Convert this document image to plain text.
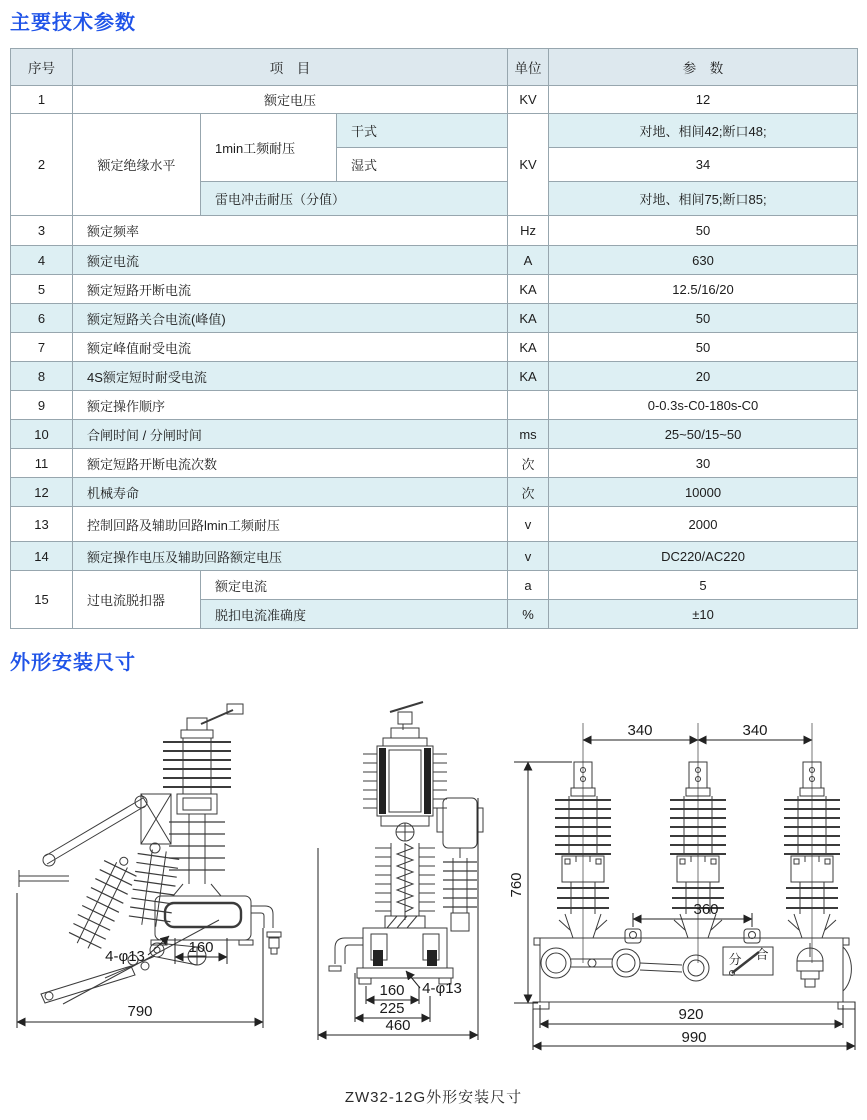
主要技术参数
序号	项　目			单位	参　数
1	额定电压			KV	12
2	额定绝缘水平	1min工频耐压	干式	KV	对地、相间42;断口48;
			湿式		34
		雷电冲击耐压（分值）			对地、相间75;断口85;
3	额定频率			Hz	50
4	额定电流			A	630
5	额定短路开断电流			KA	12.5/16/20
6	额定短路关合电流(峰值)			KA	50
7	额定峰值耐受电流			KA	50
8	4S额定短时耐受电流			KA	20
9	额定操作顺序				0-0.3s-C0-180s-C0
10	合闸时间 / 分闸时间			ms	25~50/15~50
11	额定短路开断电流次数			次	30
12	机械寿命			次	10000
13	控制回路及辅助回路lmin工频耐压			v	2000
14	额定操作电压及辅助回路额定电压			v	DC220/AC220
15	过电流脱扣器	额定电流		a	5
		脱扣电流准确度		%	±10
外形安装尺寸
4-φ13
160
790
4-φ13
160
225
460
340	340
760
360
920
990
分 合
ZW32-12G外形安装尺寸
